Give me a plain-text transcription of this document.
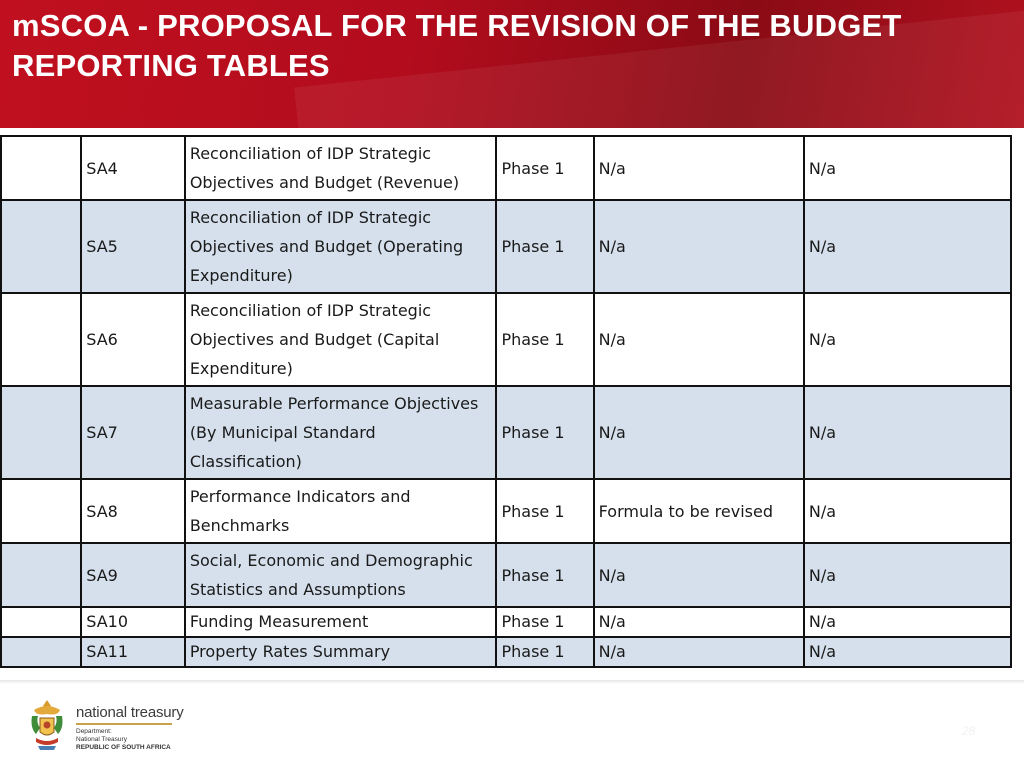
mSCOA - PROPOSAL FOR THE REVISION OF THE BUDGET
REPORTING TABLES
	SA4	Reconciliation of IDP Strategic
Objectives and Budget (Revenue)	Phase 1	N/a	N/a
	SA5	Reconciliation of IDP Strategic
Objectives and Budget (Operating
Expenditure)	Phase 1	N/a	N/a
	SA6	Reconciliation of IDP Strategic
Objectives and Budget (Capital
Expenditure)	Phase 1	N/a	N/a
	SA7	Measurable Performance Objectives
(By Municipal Standard
Classification)	Phase 1	N/a	N/a
	SA8	Performance Indicators and
Benchmarks	Phase 1	Formula to be revised	N/a
	SA9	Social, Economic and Demographic
Statistics and Assumptions	Phase 1	N/a	N/a
	SA10	Funding Measurement	Phase 1	N/a	N/a
	SA11	Property Rates Summary	Phase 1	N/a	N/a
national treasury
Department:
National Treasury
REPUBLIC OF SOUTH AFRICA
28
